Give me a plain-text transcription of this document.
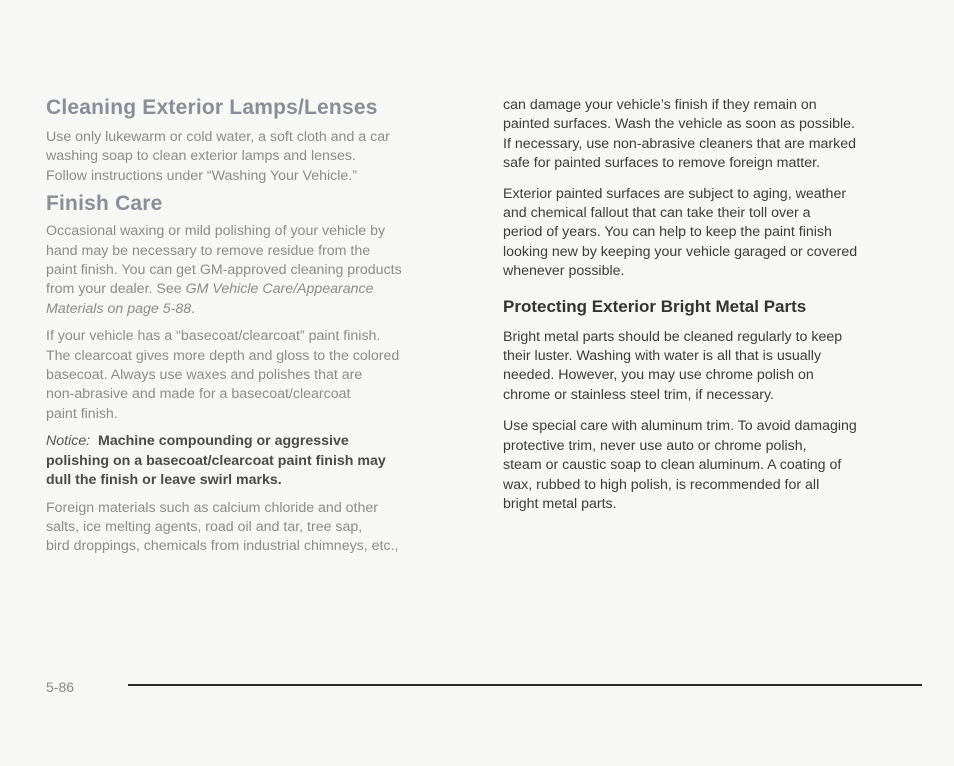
Cleaning Exterior Lamps/Lenses

Use only lukewarm or cold water, a soft cloth and a car
washing soap to clean exterior lamps and lenses.
Follow instructions under “Washing Your Vehicle.”

Finish Care

Occasional waxing or mild polishing of your vehicle by
hand may be necessary to remove residue from the
paint finish. You can get GM-approved cleaning products
from your dealer. See GM Vehicle Care/Appearance
Materials on page 5-88.

If your vehicle has a “basecoat/clearcoat” paint finish.
The clearcoat gives more depth and gloss to the colored
basecoat. Always use waxes and polishes that are
non-abrasive and made for a basecoat/clearcoat
paint finish.

Notice: Machine compounding or aggressive
polishing on a basecoat/clearcoat paint finish may
dull the finish or leave swirl marks.

Foreign materials such as calcium chloride and other
salts, ice melting agents, road oil and tar, tree sap,
bird droppings, chemicals from industrial chimneys, etc.,

can damage your vehicle’s finish if they remain on
painted surfaces. Wash the vehicle as soon as possible.
If necessary, use non-abrasive cleaners that are marked
safe for painted surfaces to remove foreign matter.

Exterior painted surfaces are subject to aging, weather
and chemical fallout that can take their toll over a
period of years. You can help to keep the paint finish
looking new by keeping your vehicle garaged or covered
whenever possible.

Protecting Exterior Bright Metal Parts

Bright metal parts should be cleaned regularly to keep
their luster. Washing with water is all that is usually
needed. However, you may use chrome polish on
chrome or stainless steel trim, if necessary.

Use special care with aluminum trim. To avoid damaging
protective trim, never use auto or chrome polish,
steam or caustic soap to clean aluminum. A coating of
wax, rubbed to high polish, is recommended for all
bright metal parts.

5-86
